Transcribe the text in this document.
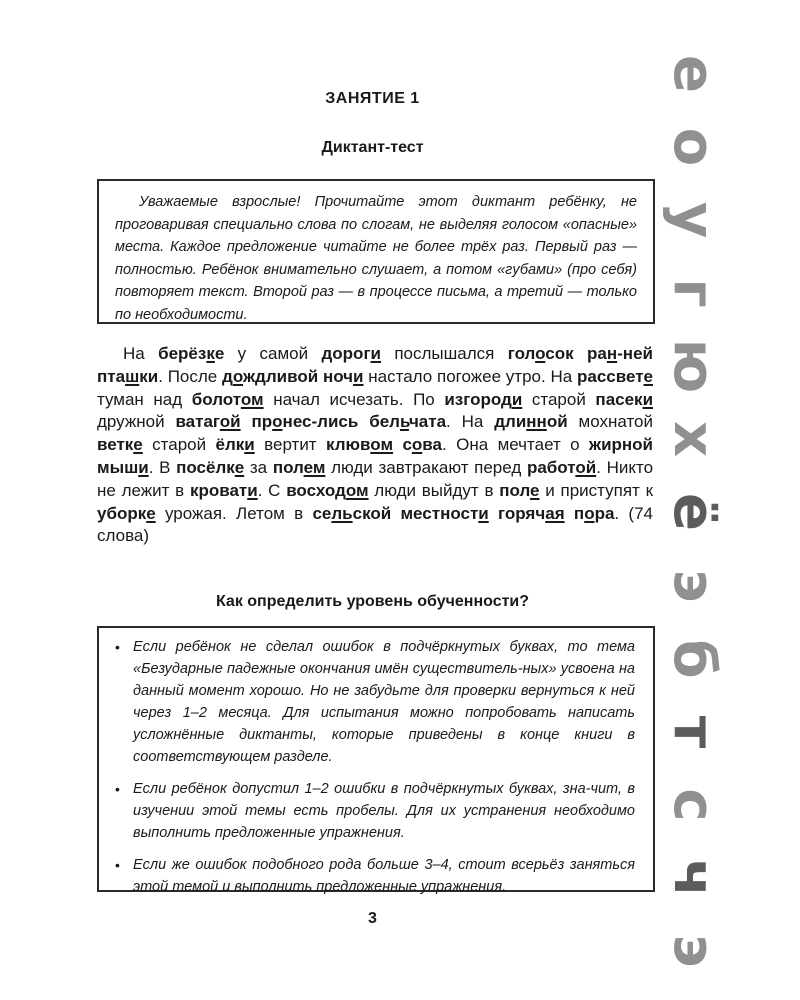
ЗАНЯТИЕ 1
Диктант-тест

Уважаемые взрослые! Прочитайте этот диктант ребёнку, не проговаривая специально слова по слогам, не выделяя голосом «опасные» места. Каждое предложение читайте не более трёх раз. Первый раз — полностью. Ребёнок внимательно слушает, а потом «губами» (про себя) повторяет текст. Второй раз — в процессе письма, а третий — только по необходимости.

На берёзке у самой дороги послышался голосок ран-ней пташки. После дождливой ночи настало погожее утро. На рассвете туман над болотом начал исчезать. По изгороди старой пасеки дружной ватагой пронес-лись бельчата. На длинной мохнатой ветке старой ёлки вертит клювом сова. Она мечтает о жирной мыши. В посёлке за полем люди завтракают перед работой. Никто не лежит в кровати. С восходом люди выйдут в поле и приступят к уборке урожая. Летом в сельской местности горячая пора. (74 слова)

Как определить уровень обученности?
• Если ребёнок не сделал ошибок в подчёркнутых буквах, то тема «Безударные падежные окончания имён существитель-ных» усвоена на данный момент хорошо. Но не забудьте для проверки вернуться к ней через 1–2 месяца. Для испытания можно попробовать написать усложнённые диктанты, которые приведены в конце книги в соответствующем разделе.
• Если ребёнок допустил 1–2 ошибки в подчёркнутых буквах, зна-чит, в изучении этой темы есть пробелы. Для их устранения необходимо выполнить предложенные упражнения.
• Если же ошибок подобного рода больше 3–4, стоит всерьёз заняться этой темой и выполнить предложенные упражнения.
3
е
о
у
г
ю
х
ё
э
б
т
с
ч
э
